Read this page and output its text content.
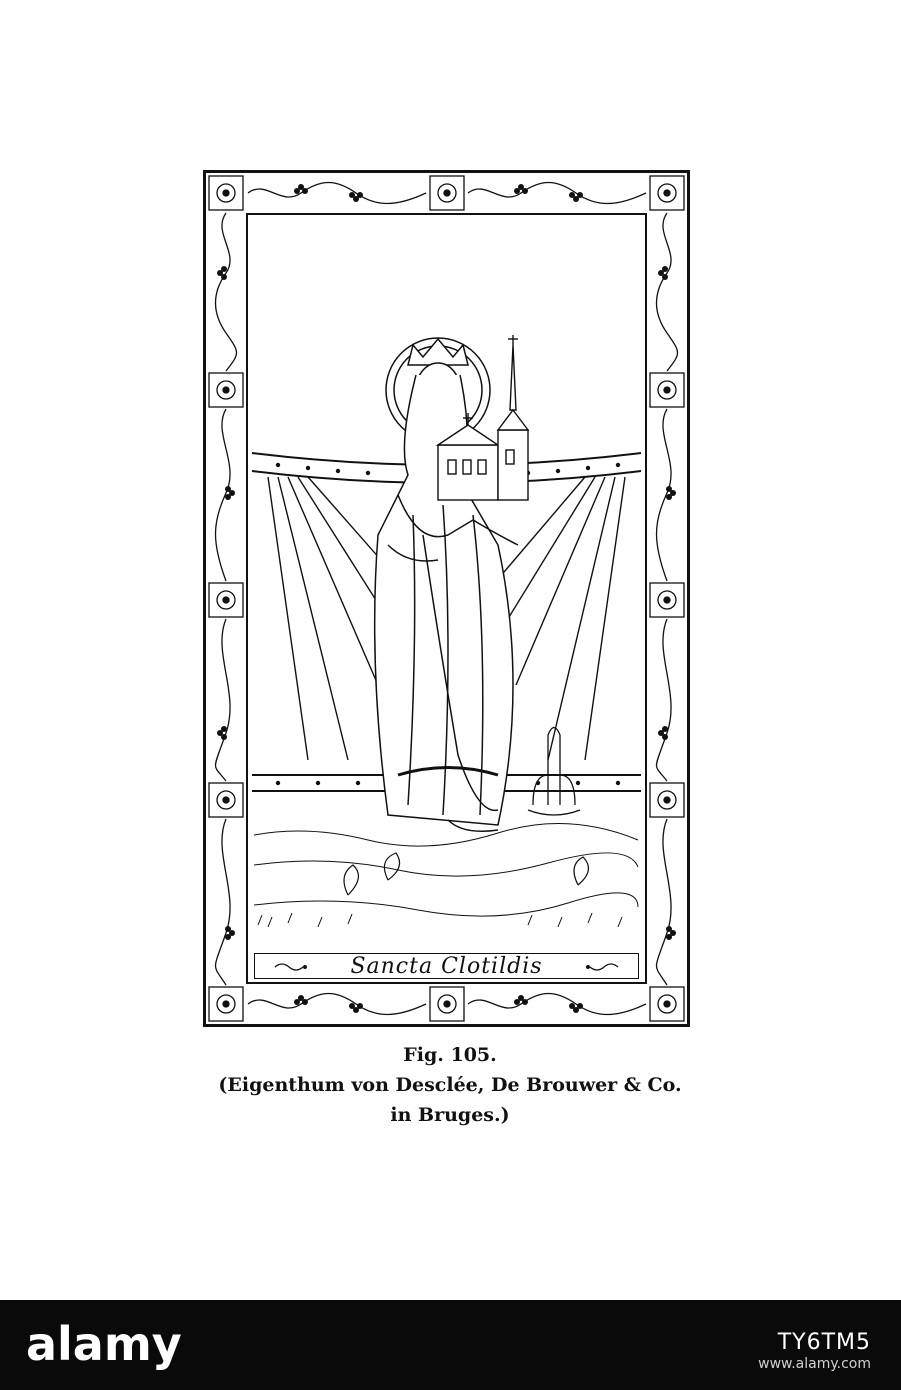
Sancta Clotildis
Fig. 105.
(Eigenthum von Desclée, De Brouwer & Co.
in Bruges.)
alamy	TY6TM5
www.alamy.com
